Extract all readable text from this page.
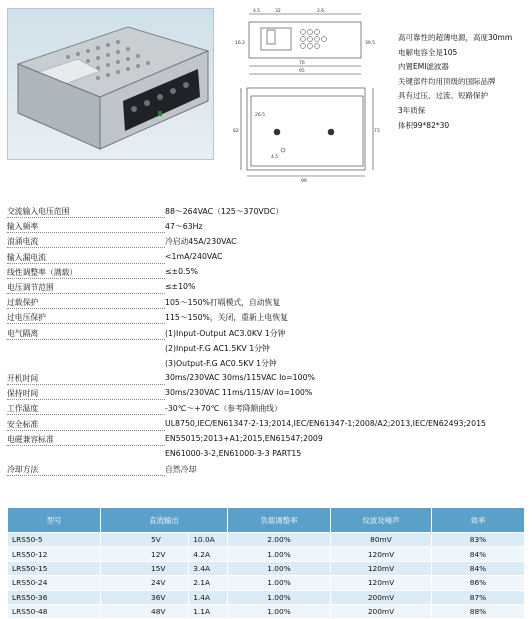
4.5	32	2.6
16.2	39.5
76
95
26.5
82
4.5
73
99
高可靠性的超薄电源，高度30mm
电解电容全是105
内置EMI滤波器
关键部件均用顶级的国际品牌
具有过压、过流、短路保护
3年质保
体积99*82*30
交流输入电压范围	88～264VAC（125～370VDC）
输入频率	47～63Hz
浪涌电流	冷启动45A/230VAC
输入漏电流	<1mA/240VAC
线性调整率（满载）	≤±0.5%
电压调节范围	≤±10%
过载保护	105～150%打嗝模式，自动恢复
过电压保护	115～150%，关闭，重新上电恢复
电气隔离	(1)Input-Output AC3.0KV 1分钟
(2)Input-F.G AC1.5KV 1分钟
(3)Output-F.G AC0.5KV 1分钟
开机时间	30ms/230VAC 30ms/115VAC Io=100%
保持时间	30ms/230VAC 11ms/115/AV Io=100%
工作温度	-30℃～+70℃（参考降额曲线）
安全标准	UL8750,IEC/EN61347-2-13;2014,IEC/EN61347-1;2008/A2;2013,IEC/EN62493;2015
电磁兼容标准	EN55015;2013+A1;2015,EN61547;2009
EN61000-3-2,EN61000-3-3 PART15
冷却方法	自然冷却
型号	直流输出		负载调整率	纹波及噪声	效率
LRS50-5	5V	10.0A	2.00%	80mV	83%
LRS50-12	12V	4.2A	1.00%	120mV	84%
LRS50-15	15V	3.4A	1.00%	120mV	84%
LRS50-24	24V	2.1A	1.00%	120mV	86%
LRS50-36	36V	1.4A	1.00%	200mV	87%
LRS50-48	48V	1.1A	1.00%	200mV	88%
